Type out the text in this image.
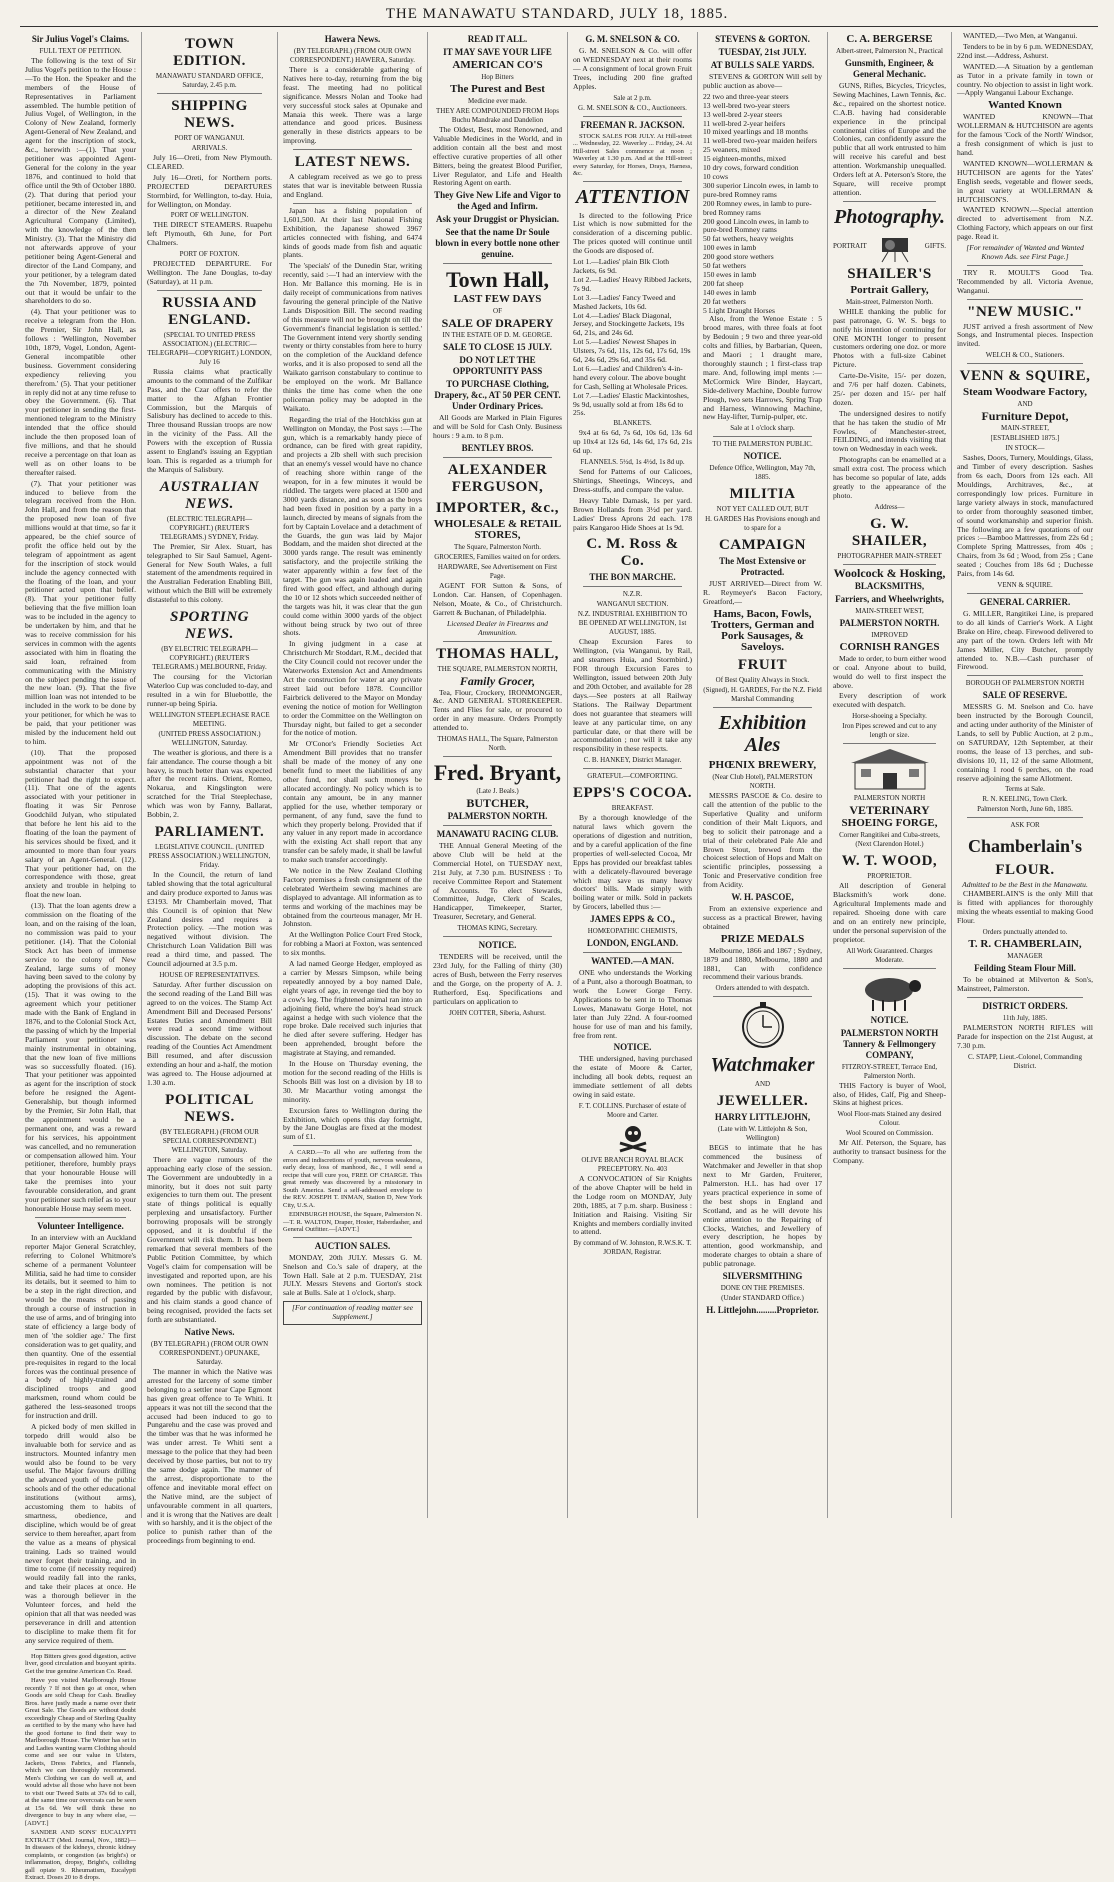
THE MANAWATU STANDARD, JULY 18, 1885.
Sir Julius Vogel's Claims.
FULL TEXT OF PETITION.
The following is the text of Sir Julius Vogel's petition to the House :—To the Hon. the Speaker and the members of the House of Representatives in Parliament assembled. The humble petition of Julius Vogel, of Wellington, in the Colony of New Zealand, formerly Agent-General of New Zealand, and agent for the inscription of stock, &c., herewith :—(1). That your petitioner was appointed Agent-General for the colony in the year 1876, and continued to hold that office until the 9th of October 1880. (2). That during that period your petitioner, became interested in, and a director of the New Zealand Agricultural Company (Limited), with the knowledge of the then Ministry. (3). That the Ministry did not afterwards approve of your petitioner being Agent-General and director of the Land Company, and your petitioner, by a telegram dated the 7th November, 1879, pointed out that it would be unfair to the shareholders to do so.
(4). That your petitioner was to receive a telegram from the Hon. the Premier, Sir John Hall, as follows : 'Wellington, November 10th, 1879, Vogel, London, Agent-General incompatible other business. Government considering expediency relieving you therefrom.' (5). That your petitioner in reply did not at any time refuse to obey the Government. (6). That your petitioner in sending the first-mentioned telegram to the Ministry intended that the office should include the then proposed loan of five millions, and that he should receive a percentage on that loan as well as on other loans to be thereafter raised.
(7). That your petitioner was induced to believe from the telegram received from the Hon. John Hall, and from the reason that the proposed new loan of five millions would at that time, so far it appeared, be the chief source of profit the office held out by the telegram of appointment as agent for the inscription of stock would include the agency connected with the floating of the loan, and your petitioner acted upon that belief. (8). That your petitioner fully believing that the five million loan was to be included in the agency to be undertaken by him, and that he was to receive commission for his services in common with the agents associated with him in floating the said loan, refrained from communicating with the Ministry on the subject pending the issue of the new loan. (9). That the five million loan was not intended to be included in the work to be done by your petitioner, for which he was to be paid, that your petitioner was misled by the inducement held out to him.
(10). That the proposed appointment was not of the substantial character that your petitioner had the right to expect. (11). That one of the agents associated with your petitioner in floating it was Sir Penrose Goodchild Julyan, who stipulated that before he lent his aid to the floating of the loan the payment of his services should be fixed, and it amounted to more than four years salary of an Agent-General. (12). That your petitioner had, on the correspondence with those, great anxiety and trouble in helping to float the new loan.
(13). That the loan agents drew a commission on the floating of the loan, and on the raising of the loan, no commission was paid to your petitioner. (14). That the Colonial Stock Act has been of immense service to the colony of New Zealand, large sums of money having been saved to the colony by adopting the provisions of this act. (15). That it was owing to the agreement which your petitioner made with the Bank of England in 1876, and to the Colonial Stock Act, the passing of which by the Imperial Parliament your petitioner was mainly instrumental in obtaining, that the new loan of five millions was so successfully floated. (16). That your petitioner was appointed as agent for the inscription of stock before he resigned the Agent-Generalship, but though informed by the Premier, Sir John Hall, that the appointment would be a permanent one, and was a reward for his services, his appointment was cancelled, and no remuneration or compensation allowed him. Your petitioner, therefore, humbly prays that your honourable House will take the premises into your favourable consideration, and grant your petitioner such relief as to your honourable House may seem meet.
Volunteer Intelligence.
In an interview with an Auckland reporter Major General Scratchley, referring to Colonel Whitmore's scheme of a permanent Volunteer Militia, said he had time to consider its details, but it seemed to him to be a step in the right direction, and would be the means of passing through a course of instruction in the use of arms, and of bringing into state of efficiency a large body of men of 'the soldier age.' The first consideration was to get quality, and then quantity. One of the essential pre-requisites in regard to the local forces was the continual presence of a body of highly-trained and disciplined troops and good marksmen, round whom could be gathered the less-seasoned troops for instruction and drill.
A picked body of men skilled in torpedo drill would also be invaluable both for service and as instructors. Mounted infantry men would also be found to be very useful. The Major favours drilling the advanced youth of the public schools and of the other educational institutions (without arms), accustoming them to habits of smartness, obedience, and discipline, which would be of great service to them hereafter, apart from the value as a means of physical training. Lads so trained would never forget their training, and in time to come (if necessity required) would readily fall into the ranks, and take their places at once. He was a thorough believer in the Volunteer forces, and held the opinion that all that was needed was perseverance in drill and attention to discipline to make them fit for any service required of them.
Hop Bitters gives good digestion, active liver, good circulation and buoyant spirits. Get the true genuine American Co. Read.
Have you visited Marlborough House recently ? If not then go at once, when Goods are sold Cheap for Cash. Bradley Bros. have justly made a name over their Great Sale. The Goods are without doubt exceedingly Cheap and of Sterling Quality as certified to by the many who have had the good fortune to find their way to Marlborough House. The Winter has set in and Ladies wanting warm Clothing should come and see our value in Ulsters, Jackets, Dress Fabrics, and Flannels, which we can thoroughly recommend. Men's Clothing we can do well at, and would advise all those who have not been to visit our Tweed Suits at 37s 6d to call, at the same time our overcoats can be seen at 15s 6d. We will think these no divergence to buy in any where else, —[ADVT.]
SANDER AND SONS' EUCALYPTI EXTRACT (Med. Journal, Nov., 1882)—In diseases of the kidneys, chronic kidney complaints, or congestion (as bright's) or inflammation, dropsy, Bright's, colliding gall opiate 9. Rheumatism, Eucalypti Extract. Doses 20 to 8 drops.
TOWN EDITION.
MANAWATU STANDARD OFFICE, Saturday, 2.45 p.m.
SHIPPING NEWS.
PORT OF WANGANUI.
ARRIVALS.
July 16—Oreti, from New Plymouth. CLEARED.
July 16—Oreti, for Northern ports. PROJECTED DEPARTURES Stormbird, for Wellington, to-day. Huia, for Wellington, on Monday.
PORT OF WELLINGTON.
THE DIRECT STEAMERS. Ruapehu left Plymouth, 6th June, for Port Chalmers.
PORT OF FOXTON.
PROJECTED DEPARTURE. For Wellington. The Jane Douglas, to-day (Saturday), at 11 p.m.
RUSSIA AND ENGLAND.
(SPECIAL TO UNITED PRESS ASSOCIATION.) (ELECTRIC—TELEGRAPH—COPYRIGHT.) LONDON, July 16
Russia claims what practically amounts to the command of the Zulfikar Pass, and the Czar offers to refer the matter to the Afghan Frontier Commission, but the Marquis of Salisbury has declined to accede to this. Three thousand Russian troops are now in the vicinity of the Pass. All the Powers with the exception of Russia assent to England's issuing an Egyptian loan. This is regarded as a triumph for the Marquis of Salisbury.
AUSTRALIAN NEWS.
(ELECTRIC TELEGRAPH—COPYRIGHT.) (REUTER'S TELEGRAMS.) SYDNEY, Friday.
The Premier, Sir Alex. Stuart, has telegraphed to Sir Saul Samuel, Agent-General for New South Wales, a full statement of the amendments required in the Australian Federation Enabling Bill, without which the Bill will be extremely distasteful to this colony.
SPORTING NEWS.
(BY ELECTRIC TELEGRAPH—COPYRIGHT.) (REUTER'S TELEGRAMS.) MELBOURNE, Friday.
The coursing for the Victorian Waterloo Cup was concluded to-day, and resulted in a win for Bluebottle, the runner-up being Spiria.
WELLINGTON STEEPLECHASE RACE MEETING.
(UNITED PRESS ASSOCIATION.) WELLINGTON, Saturday.
The weather is glorious, and there is a fair attendance. The course though a bit heavy, is much better than was expected after the recent rains. Orient, Romeo, Nokarua, and Kingslington were scratched for the Trial Steeplechase, which was won by Fanny, Ballarat, Bobbin, 2.
PARLIAMENT.
LEGISLATIVE COUNCIL. (UNITED PRESS ASSOCIATION.) WELLINGTON, Friday.
In the Council, the return of land tabled showing that the total agricultural and dairy produce exported to Janus was £3193. Mr Chamberlain moved, That this Council is of opinion that New Zealand desires and requires a Protection policy. —The motion was negatived without division. The Christchurch Loan Validation Bill was read a third time, and passed. The Council adjourned at 3.5 p.m.
HOUSE OF REPRESENTATIVES.
Saturday. After further discussion on the second reading of the Land Bill was agreed to on the voices. The Stamp Act Amendment Bill and Deceased Persons' Estates Duties and Amendment Bill were read a second time without discussion. The debate on the second reading of the Counties Act Amendment Bill resumed, and after discussion extending an hour and a-half, the motion was agreed to. The House adjourned at 1.30 a.m.
POLITICAL NEWS.
(BY TELEGRAPH.) (FROM OUR SPECIAL CORRESPONDENT.) WELLINGTON, Saturday.
There are vague rumours of the approaching early close of the session. The Government are undoubtedly in a minority, but it does not suit party exigencies to turn them out. The present state of things political is equally perplexing and unsatisfactory. Further borrowing proposals will be strongly opposed, and it is doubtful if the Government will risk them. It has been remarked that several members of the Public Petition Committee, by which Vogel's claim for compensation will be investigated and reported upon, are his own nominees. The petition is not regarded by the public with disfavour, and his claim stands a good chance of being recognised, provided the facts set forth are substantiated.
Native News.
(BY TELEGRAPH.) (FROM OUR OWN CORRESPONDENT.) OPUNAKE, Saturday.
The manner in which the Native was arrested for the larceny of some timber belonging to a settler near Cape Egmont has given great offence to Te Whiti. It appears it was not till the second that the accused had been induced to go to Pungarehu and the case was proved and the timber was that he was informed he was under arrest. Te Whiti sent a message to the police that they had been deceived by those parties, but not to try the same dodge again. The manner of the arrest, disproportionate to the offence and inevitable moral effect on the Native mind, are the subject of unfavourable comment in all quarters, and it is wrong that the Natives are dealt with so harshly, and it is the object of the police to punish rather than of the proceedings from beginning to end.
Hawera News.
(BY TELEGRAPH.) (FROM OUR OWN CORRESPONDENT.) HAWERA, Saturday.
There is a considerable gathering of Natives here to-day, returning from the big feast. The meeting had no political significance. Messrs Nolan and Tooke had very successful stock sales at Opunake and Manaia this week. There was a large attendance and good prices. Business generally in these districts appears to be improving.
LATEST NEWS.
A cablegram received as we go to press states that war is inevitable between Russia and England.
Japan has a fishing population of 1,601,500. At their last National Fishing Exhibition, the Japanese showed 3967 articles connected with fishing, and 6474 kinds of goods made from fish and aquatic plants.
The 'specials' of the Dunedin Star, writing recently, said :—'I had an interview with the Hon. Mr Ballance this morning. He is in daily receipt of communications from natives favouring the general principle of the Native Lands Disposition Bill. The second reading of this measure will not be brought on till the Government's financial legislation is settled.' The Government intend very shortly sending twenty or thirty constables from here to hurry on the completion of the Auckland defence works, and it is also proposed to send all the Waikato garrison constabulary to continue to be employed on the work. Mr Ballance thinks the time has come when the one policeman policy may be adopted in the Waikato.
Regarding the trial of the Hotchkiss gun at Wellington on Monday, the Post says :—The gun, which is a remarkably handy piece of ordnance, can be fired with great rapidity, and projects a 2lb shell with such precision that an enemy's vessel would have no chance of reaching shore within range of the weapon, for in a few minutes it would be riddled. The targets were placed at 1500 and 3000 yards distance, and as soon as the boys had been fixed in position by a party in a launch, directed by means of signals from the fort by Captain Lovelace and a detachment of the Guards, the gun was laid by Major Boddam, and the maiden shot directed at the 3000 yards range. The result was eminently satisfactory, and the projectile striking the water apparently within a few feet of the target. The gun was again loaded and again fired with good effect, and although during the 10 or 12 shots which succeeded neither of the targets was hit, it was clear that the gun could come within 3000 yards of the object without being struck by two out of three shots.
In giving judgment in a case at Christchurch Mr Stoddart, R.M., decided that the City Council could not recover under the Waterworks Extension Act and Amendments Act the construction for water at any private street laid out before 1878. Councillor Fairbrick delivered to the Mayor on Monday evening the notice of motion for Wellington to order the Committee on the Wellington on Thursday night, but failed to get a seconder for the notice of motion.
Mr O'Conor's Friendly Societies Act Amendment Bill provides that no transfer shall be made of the money of any one benefit fund to meet the liabilities of any other fund, nor shall such moneys be allocated accordingly. No policy which is to contain any amount, be in any manner applied for the use, whether temporary or permanent, of any fund, save the fund to which they properly belong. Provided that if any valuer in any report made in accordance with the existing Act shall report that any transfer can be safely made, it shall be lawful to make such transfer accordingly.
We notice in the New Zealand Clothing Factory premises a fresh consignment of the celebrated Wertheim sewing machines are displayed to advantage. All information as to terms and working of the machines may be obtained from the courteous manager, Mr H. Johnston.
At the Wellington Police Court Fred Stock, for robbing a Maori at Foxton, was sentenced to six months.
A lad named George Hedger, employed as a carrier by Messrs Simpson, while being repeatedly annoyed by a boy named Dale, eight years of age, in revenge tied the boy to a cow's leg. The frightened animal ran into an adjoining field, where the boy's head struck against a hedge with such violence that the rope broke. Dale received such injuries that he died after severe suffering. Hedger has been apprehended, brought before the magistrate at Staying, and remanded.
In the House on Thursday evening, the motion for the second reading of the Hills is Schools Bill was lost on a division by 18 to 30. Mr Macarthur voting amongst the minority.
Excursion fares to Wellington during the Exhibition, which opens this day fortnight, by the Jane Douglas are fixed at the modest sum of £1.
A CARD.—To all who are suffering from the errors and indiscretions of youth, nervous weakness, early decay, loss of manhood, &c., I will send a recipe that will cure you, FREE OF CHARGE. This great remedy was discovered by a missionary in South America. Send a self-addressed envelope to the REV. JOSEPH T. INMAN, Station D, New York City, U.S.A.
EDINBURGH HOUSE, the Square, Palmerston N.—T. R. WALTON, Draper, Hosier, Haberdasher, and General Outfitter.—[ADVT.]
AUCTION SALES.
MONDAY, 20th JULY. Messrs G. M. Snelson and Co.'s sale of drapery, at the Town Hall. Sale at 2 p.m. TUESDAY, 21st JULY. Messrs Stevens and Gorton's stock sale at Bulls. Sale at 1 o'clock, sharp.
[For continuation of reading matter see Supplement.]
READ IT ALL.
IT MAY SAVE YOUR LIFE
AMERICAN CO'S
Hop Bitters
The Purest and Best
Medicine ever made.
THEY ARE COMPOUNDED FROM Hops Buchu Mandrake and Dandelion
The Oldest, Best, most Renowned, and Valuable Medicines in the World, and in addition contain all the best and most effective curative properties of all other Bitters, being the greatest Blood Purifier, Liver Regulator, and Life and Health Restoring Agent on earth.
They Give New Life and Vigor to the Aged and Infirm.
Ask your Druggist or Physician.
See that the name Dr Soule blown in every bottle none other genuine.
Town Hall,
LAST FEW DAYS
OF
SALE OF DRAPERY
IN THE ESTATE OF D. M. GEORGE.
SALE TO CLOSE 15 JULY.
DO NOT LET THE OPPORTUNITY PASS
TO PURCHASE Clothing, Drapery, &c., AT 50 PER CENT. Under Ordinary Prices.
All Goods are Marked in Plain Figures and will be Sold for Cash Only. Business hours : 9 a.m. to 8 p.m.
BENTLEY BROS.
ALEXANDER FERGUSON,
IMPORTER, &c.,
WHOLESALE & RETAIL STORES,
The Square, Palmerston North.
GROCERIES, Families waited on for orders.
HARDWARE, See Advertisement on First Page.
AGENT FOR Sutton & Sons, of London. Car. Hansen, of Copenhagen. Nelson, Moate, & Co., of Christchurch. Garrett & Buchanan, of Philadelphia.
Licensed Dealer in Firearms and Ammunition.
THOMAS HALL,
THE SQUARE, PALMERSTON NORTH,
Family Grocer,
Tea, Flour, Crockery, IRONMONGER, &c. AND GENERAL STOREKEEPER. Tents and Flies for sale, or procured to order in any measure. Orders Promptly attended to.
THOMAS HALL, The Square, Palmerston North.
Fred. Bryant,
(Late J. Beals.)
BUTCHER,
PALMERSTON NORTH.
MANAWATU RACING CLUB.
THE Annual General Meeting of the above Club will be held at the Commercial Hotel, on TUESDAY next, 21st July, at 7.30 p.m. BUSINESS : To receive Committee Report and Statement of Accounts. To elect Stewards, Committee, Judge, Clerk of Scales, Handicapper, Timekeeper, Starter, Treasurer, Secretary, and General.
THOMAS KING, Secretary.
NOTICE.
TENDERS will be received, until the 23rd July, for the Falling of thirty (30) acres of Bush, between the Ferry reserves and the Gorge, on the property of A. J. Rutherford, Esq. Specifications and particulars on application to
JOHN COTTER, Siberia, Ashurst.
G. M. SNELSON & CO.
G. M. SNELSON & Co. will offer on WEDNESDAY next at their rooms— A consignment of local grown Fruit Trees, including 200 fine grafted Apples.
Sale at 2 p.m.
G. M. SNELSON & CO., Auctioneers.
FREEMAN R. JACKSON.
STOCK SALES FOR JULY. At Hill-street ... Wednesday, 22. Waverley ... Friday, 24. At Hill-street Sales commence at noon ; Waverley at 1.30 p.m. And at the Hill-street every Saturday, for Horses, Drays, Harness, &c.
ATTENTION
Is directed to the following Price List which is now submitted for the consideration of a discerning public. The prices quoted will continue until the Goods are disposed of.
Lot 1.—Ladies' plain Blk Cloth Jackets, 6s 9d.
Lot 2.—Ladies' Heavy Ribbed Jackets, 7s 9d.
Lot 3.—Ladies' Fancy Tweed and Mashed Jackets, 10s 6d.
Lot 4.—Ladies' Black Diagonal, Jersey, and Stockingette Jackets, 19s 6d, 21s, and 24s 6d.
Lot 5.—Ladies' Newest Shapes in Ulsters, 7s 6d, 11s, 12s 6d, 17s 6d, 19s 6d, 24s 6d, 29s 6d, and 35s 6d.
Lot 6.—Ladies' and Children's 4-in-hand every colour. The above bought for Cash, Selling at Wholesale Prices.
Lot 7.—Ladies' Elastic Mackintoshes, 9s 9d, usually sold at from 18s 6d to 25s.
BLANKETS.
9x4 at 6s 6d, 7s 6d, 10s 6d, 13s 6d up 10x4 at 12s 6d, 14s 6d, 17s 6d, 21s 6d up.
FLANNELS. 5½d, 1s 4½d, 1s 8d up.
Send for Patterns of our Calicoes, Shirtings, Sheetings, Winceys, and Dress-stuffs, and compare the value.
Heavy Table Damask, 1s per yard. Brown Hollands from 3½d per yard. Ladies' Dress Aprons 2d each. 178 pairs Kangaroo Hide Shoes at 1s 9d.
C. M. Ross & Co.
THE BON MARCHE.
N.Z.R.
WANGANUI SECTION.
N.Z. INDUSTRIAL EXHIBITION TO BE OPENED AT WELLINGTON, 1st AUGUST, 1885.
Cheap Excursion Fares to Wellington, (via Wanganui, by Rail, and steamers Huia, and Stormbird.) FOR through Excursion Fares to Wellington, issued between 20th July and 20th October, and available for 28 days.—See posters at all Railway Stations. The Railway Department does not guarantee that steamers will leave at any particular time, on any particular date, or that there will be accommodation ; nor will it take any responsibility in these respects.
C. B. HANKEY, District Manager.
GRATEFUL—COMFORTING.
EPPS'S COCOA.
BREAKFAST.
By a thorough knowledge of the natural laws which govern the operations of digestion and nutrition, and by a careful application of the fine properties of well-selected Cocoa, Mr Epps has provided our breakfast tables with a delicately-flavoured beverage which may save us many heavy doctors' bills. Made simply with boiling water or milk. Sold in packets by Grocers, labelled thus :—
JAMES EPPS & CO.,
HOMŒOPATHIC CHEMISTS,
LONDON, ENGLAND.
WANTED.—A MAN.
ONE who understands the Working of a Punt, also a thorough Boatman, to work the Lower Gorge Ferry. Applications to be sent in to Thomas Lowes, Manawatu Gorge Hotel, not later than July 22nd. A four-roomed house for use of man and his family, free from rent.
NOTICE.
THE undersigned, having purchased the estate of Moore & Carter, including all book debts, request an immediate settlement of all debts owing in said estate.
F. T. COLLINS. Purchaser of estate of Moore and Carter.
OLIVE BRANCH ROYAL BLACK PRECEPTORY. No. 403
A CONVOCATION of Sir Knights of the above Chapter will be held in the Lodge room on MONDAY, July 20th, 1885, at 7 p.m. sharp. Business : Initiation and Raising. Visiting Sir Knights and members cordially invited to attend.
By command of W. Johnston, R.W.S.K. T. JORDAN, Registrar.
STEVENS & GORTON.
TUESDAY, 21st JULY.
AT BULLS SALE YARDS.
STEVENS & GORTON Will sell by public auction as above—
22 two and three-year steers
13 well-bred two-year steers
13 well-bred 2-year steers
11 well-bred 2-year heifers
10 mixed yearlings and 18 months
11 well-bred two-year maiden heifers
25 weaners, mixed
15 eighteen-months, mixed
10 dry cows, forward condition
10 cows
300 superior Lincoln ewes, in lamb to pure-bred Romney rams
200 Romney ewes, in lamb to pure-bred Romney rams
200 good Lincoln ewes, in lamb to pure-bred Romney rams
50 fat wethers, heavy weights
100 ewes in lamb
200 good store wethers
50 fat wethers
150 ewes in lamb
200 fat sheep
140 ewes in lamb
20 fat wethers
5 Light Draught Horses
Also, from the Wenoe Estate : 5 brood mares, with three foals at foot by Bedouin ; 9 two and three year-old colts and fillies, by Barbarian, Queen, and Maori ; 1 draught mare, thoroughly staunch ; 1 first-class trap mare. And, following impl ments :— McCormick Wire Binder, Haycart, Side-delivery Machine, Double furrow Plough, two sets Harrows, Spring Trap and Harness, Winnowing Machine, new Hay-lifter, Turnip-pulper, etc.
Sale at 1 o'clock sharp.
TO THE PALMERSTON PUBLIC.
NOTICE.
Defence Office, Wellington, May 7th, 1885.
MILITIA
NOT YET CALLED OUT, BUT
H. GARDES Has Provisions enough and to spare for a
CAMPAIGN
The Most Extensive or Protracted.
JUST ARRIVED—Direct from W. R. Reymeyer's Bacon Factory, Greatford,—
Hams, Bacon, Fowls, Trotters, German and Pork Sausages, & Saveloys.
FRUIT
Of Best Quality Always in Stock.
(Signed), H. GARDES, For the N.Z. Field Marshal Commanding
Exhibition Ales
PHŒNIX BREWERY,
(Near Club Hotel), PALMERSTON NORTH.
MESSRS PASCOE & Co. desire to call the attention of the public to the Superlative Quality and uniform condition of their Malt Liquors, and beg to solicit their patronage and a trial of their celebrated Pale Ale and Brown Stout, brewed from the choicest selection of Hops and Malt on scientific principles, possessing a Tonic and Preservative condition free from Acidity.
W. H. PASCOE,
From an extensive experience and success as a practical Brewer, having obtained
PRIZE MEDALS
Melbourne, 1866 and 1867 ; Sydney, 1879 and 1880, Melbourne, 1880 and 1881, Can with confidence recommend their various brands.
Orders attended to with despatch.
Watchmaker
AND
JEWELLER.
HARRY LITTLEJOHN,
(Late with W. Littlejohn & Son, Wellington)
BEGS to intimate that he has commenced the business of Watchmaker and Jeweller in that shop next to Mr Garden, Fruiterer, Palmerston. H.L. has had over 17 years practical experience in some of the best shops in England and Scotland, and as he will devote his entire attention to the Repairing of Clocks, Watches, and Jewellery of every description, he hopes by attention, good workmanship, and moderate charges to obtain a share of public patronage.
SILVERSMITHING
DONE ON THE PREMISES.
(Under STANDARD Office.)
H. Littlejohn.........Proprietor.
C. A. BERGERSE
Albert-street, Palmerston N., Practical
Gunsmith, Engineer, & General Mechanic.
GUNS, Rifles, Bicycles, Tricycles, Sewing Machines, Lawn Tennis, &c. &c., repaired on the shortest notice. C.A.B. having had considerable experience in the principal continental cities of Europe and the Colonies, can confidently assure the public that all work entrusted to him will receive his careful and best attention. Workmanship unequalled. Orders left at A. Peterson's Store, the Square, will receive prompt attention.
Photography.
PORTRAIT	GIFTS.
SHAILER'S
Portrait Gallery,
Main-street, Palmerston North.
WHILE thanking the public for past patronage, G. W. S. begs to notify his intention of continuing for ONE MONTH longer to present customers ordering one doz. or more Photos with a full-size Cabinet Picture.
Carte-De-Visite, 15/- per dozen, and 7/6 per half dozen. Cabinets, 25/- per dozen and 15/- per half dozen.
The undersigned desires to notify that he has taken the studio of Mr Fowles, of Manchester-street, FEILDING, and intends visiting that town on Wednesday in each week.
Photographs can be enamelled at a small extra cost. The process which has become so popular of late, adds greatly to the appearance of the photo.
Address—
G. W. SHAILER,
PHOTOGRAPHER MAIN-STREET
Woolcock & Hosking,
BLACKSMITHS,
Farriers, and Wheelwrights,
MAIN-STREET WEST,
PALMERSTON NORTH.
IMPROVED
CORNISH RANGES
Made to order, to burn either wood or coal. Anyone about to build, would do well to first inspect the above.
Every description of work executed with despatch.
Horse-shoeing a Specialty.
Iron Pipes screwed and cut to any length or size.
PALMERSTON NORTH
VETERINARY
SHOEING FORGE,
Corner Rangitikei and Cuba-streets, (Next Clarendon Hotel.)
W. T. WOOD,
PROPRIETOR.
All description of General Blacksmith's work done. Agricultural Implements made and repaired. Shoeing done with care and on an entirely new principle, under the personal supervision of the proprietor.
All Work Guaranteed. Charges Moderate.
NOTICE.
PALMERSTON NORTH Tannery & Fellmongery COMPANY,
FITZROY-STREET, Terrace End, Palmerston North.
THIS Factory is buyer of Wool, also, of Hides, Calf, Pig and Sheep-Skins at highest prices.
Wool Floor-mats Stained any desired Colour.
Wool Scoured on Commission.
Mr Alf. Peterson, the Square, has authority to transact business for the Company.
WANTED,—Two Men, at Wanganui.
Tenders to be in by 6 p.m. WEDNESDAY, 22nd inst.—Address, Ashurst.
WANTED.—A Situation by a gentleman as Tutor in a private family in town or country. No objection to assist in light work.—Apply Wanganui Labour Exchange.
Wanted Known
WANTED KNOWN—That WOLLERMAN & HUTCHISON are agents for the famous 'Cock of the North' Windsor, a fresh consignment of which is just to hand.
WANTED KNOWN—WOLLERMAN & HUTCHISON are agents for the Yates' English seeds, vegetable and flower seeds, in great variety at WOLLERMAN & HUTCHISON'S.
WANTED KNOWN.—Special attention directed to advertisement from N.Z. Clothing Factory, which appears on our first page. Read it.
[For remainder of Wanted and Wanted Known Ads. see First Page.]
TRY R. MOULT'S Good Tea. 'Recommended by all. Victoria Avenue, Wanganui.
"NEW MUSIC."
JUST arrived a fresh assortment of New Songs, and Instrumental pieces. Inspection invited.
WELCH & CO., Stationers.
VENN & SQUIRE,
Steam Woodware Factory,
AND
Furniture Depot,
MAIN-STREET,
[ESTABLISHED 1875.]
IN STOCK—
Sashes, Doors, Turnery, Mouldings, Glass, and Timber of every description. Sashes from 6s each, Doors from 12s each. All Mouldings, Architraves, &c., at correspondingly low prices. Furniture in large variety always in stock, manufactured to order from thoroughly seasoned timber, of sound workmanship and superior finish. The following are a few quotations of our prices :—Bamboo Mattresses, from 22s 6d ; Complete Spring Mattresses, from 40s ; Chairs, from 3s 6d ; Wood, from 25s ; Cane seated ; Couches from 18s 6d ; Duchesse Pairs, from 14s 6d.
VENN & SQUIRE.
GENERAL CARRIER.
G. MILLER, Rangitikei Line, is prepared to do all kinds of Carrier's Work. A Light Brake on Hire, cheap. Firewood delivered to any part of the town. Orders left with Mr James Miller, City Butcher, promptly attended to. N.B.—Cash purchaser of Firewood.
BOROUGH OF PALMERSTON NORTH
SALE OF RESERVE.
MESSRS G. M. Snelson and Co. have been instructed by the Borough Council, and acting under authority of the Minister of Lands, to sell by Public Auction, at 2 p.m., on SATURDAY, 12th September, at their rooms, the lease of 13 perches, and sub-divisions 10, 11, 12 of the same Allotment, containing 1 rood 6 perches, on the road reserve adjoining the same Allotment.
Terms at Sale.
R. N. KEELING, Town Clerk.
Palmerston North, June 6th, 1885.
ASK FOR
Chamberlain's
FLOUR.
Admitted to be the Best in the Manawatu.
CHAMBERLAIN'S is the only Mill that is fitted with appliances for thoroughly mixing the wheats essential to making Good Flour.
Orders punctually attended to.
T. R. CHAMBERLAIN,
MANAGER
Feilding Steam Flour Mill.
To be obtained at Milverton & Son's, Mainstreet, Palmerston.
DISTRICT ORDERS.
11th July, 1885.
PALMERSTON NORTH RIFLES will Parade for inspection on the 21st August, at 7.30 p.m.
C. STAPP, Lieut.-Colonel, Commanding District.
